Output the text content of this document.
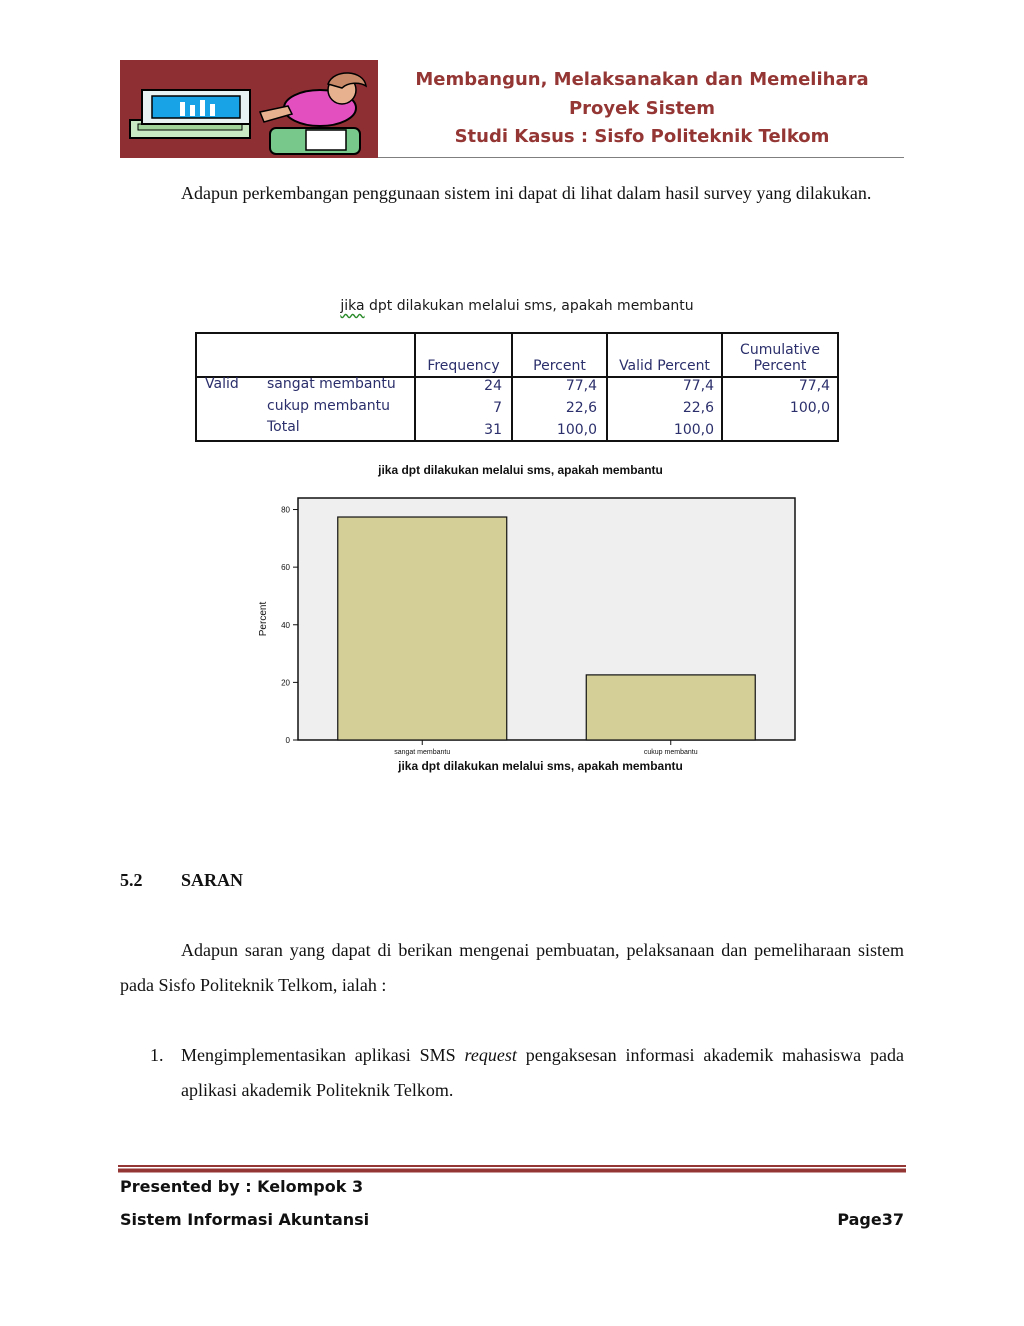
Membangun, Melaksanakan dan Memelihara
Proyek Sistem
Studi Kasus : Sisfo Politeknik Telkom
Adapun perkembangan penggunaan sistem ini dapat di lihat dalam hasil survey yang dilakukan.
jika dpt dilakukan melalui sms, apakah membantu
Frequency	Percent	Valid Percent
Cumulative
Percent
Valid sangat membantu	24	77,4	77,4	77,4
cukup membantu	7	22,6	22,6	100,0
Total	31	100,0	100,0
jika dpt dilakukan melalui sms, apakah membantu
0
20
40
60
80
Percent
sangat membantu	cukup membantu
jika dpt dilakukan melalui sms, apakah membantu
5.2 SARAN
Adapun saran yang dapat di berikan mengenai pembuatan, pelaksanaan dan pemeliharaan sistem pada Sisfo Politeknik Telkom, ialah :
1. Mengimplementasikan aplikasi SMS request pengaksesan informasi akademik mahasiswa pada aplikasi akademik Politeknik Telkom.
Presented by : Kelompok 3
Sistem Informasi Akuntansi	Page37
